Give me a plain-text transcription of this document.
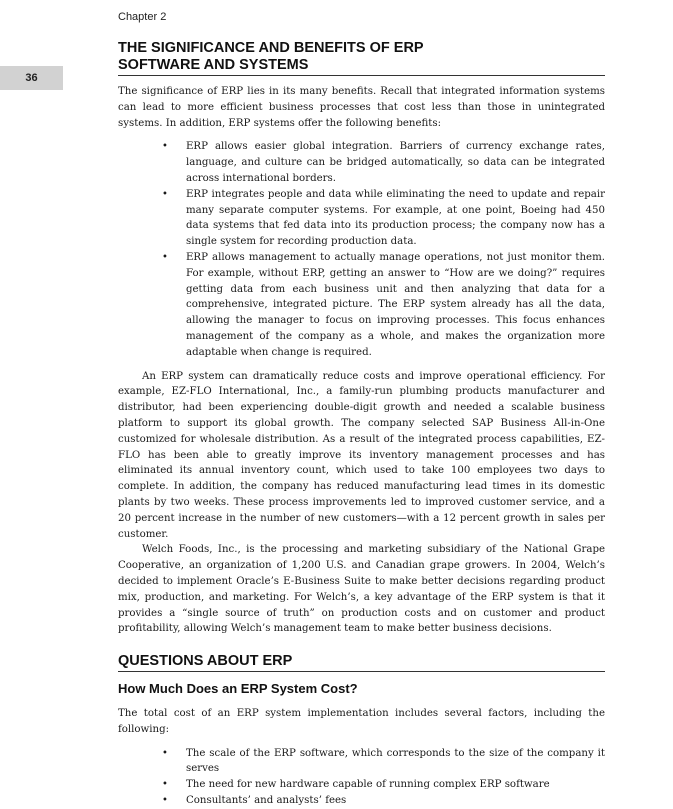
Chapter 2
36
THE SIGNIFICANCE AND BENEFITS OF ERP
SOFTWARE AND SYSTEMS

The significance of ERP lies in its many benefits. Recall that integrated information systems can lead to more efficient business processes that cost less than those in unintegrated systems. In addition, ERP systems offer the following benefits:

• ERP allows easier global integration. Barriers of currency exchange rates, language, and culture can be bridged automatically, so data can be integrated across international borders.
• ERP integrates people and data while eliminating the need to update and repair many separate computer systems. For example, at one point, Boeing had 450 data systems that fed data into its production process; the company now has a single system for recording production data.
• ERP allows management to actually manage operations, not just monitor them. For example, without ERP, getting an answer to “How are we doing?” requires getting data from each business unit and then analyzing that data for a comprehensive, integrated picture. The ERP system already has all the data, allowing the manager to focus on improving processes. This focus enhances management of the company as a whole, and makes the organization more adaptable when change is required.

An ERP system can dramatically reduce costs and improve operational efficiency. For example, EZ-FLO International, Inc., a family-run plumbing products manufacturer and distributor, had been experiencing double-digit growth and needed a scalable business platform to support its global growth. The company selected SAP Business All-in-One customized for wholesale distribution. As a result of the integrated process capabilities, EZ-FLO has been able to greatly improve its inventory management processes and has eliminated its annual inventory count, which used to take 100 employees two days to complete. In addition, the company has reduced manufacturing lead times in its domestic plants by two weeks. These process improvements led to improved customer service, and a 20 percent increase in the number of new customers—with a 12 percent growth in sales per customer.

Welch Foods, Inc., is the processing and marketing subsidiary of the National Grape Cooperative, an organization of 1,200 U.S. and Canadian grape growers. In 2004, Welch’s decided to implement Oracle’s E-Business Suite to make better decisions regarding product mix, production, and marketing. For Welch’s, a key advantage of the ERP system is that it provides a “single source of truth” on production costs and on customer and product profitability, allowing Welch’s management team to make better business decisions.

QUESTIONS ABOUT ERP
How Much Does an ERP System Cost?

The total cost of an ERP system implementation includes several factors, including the following:

• The scale of the ERP software, which corresponds to the size of the company it serves
• The need for new hardware capable of running complex ERP software
• Consultants’ and analysts’ fees
